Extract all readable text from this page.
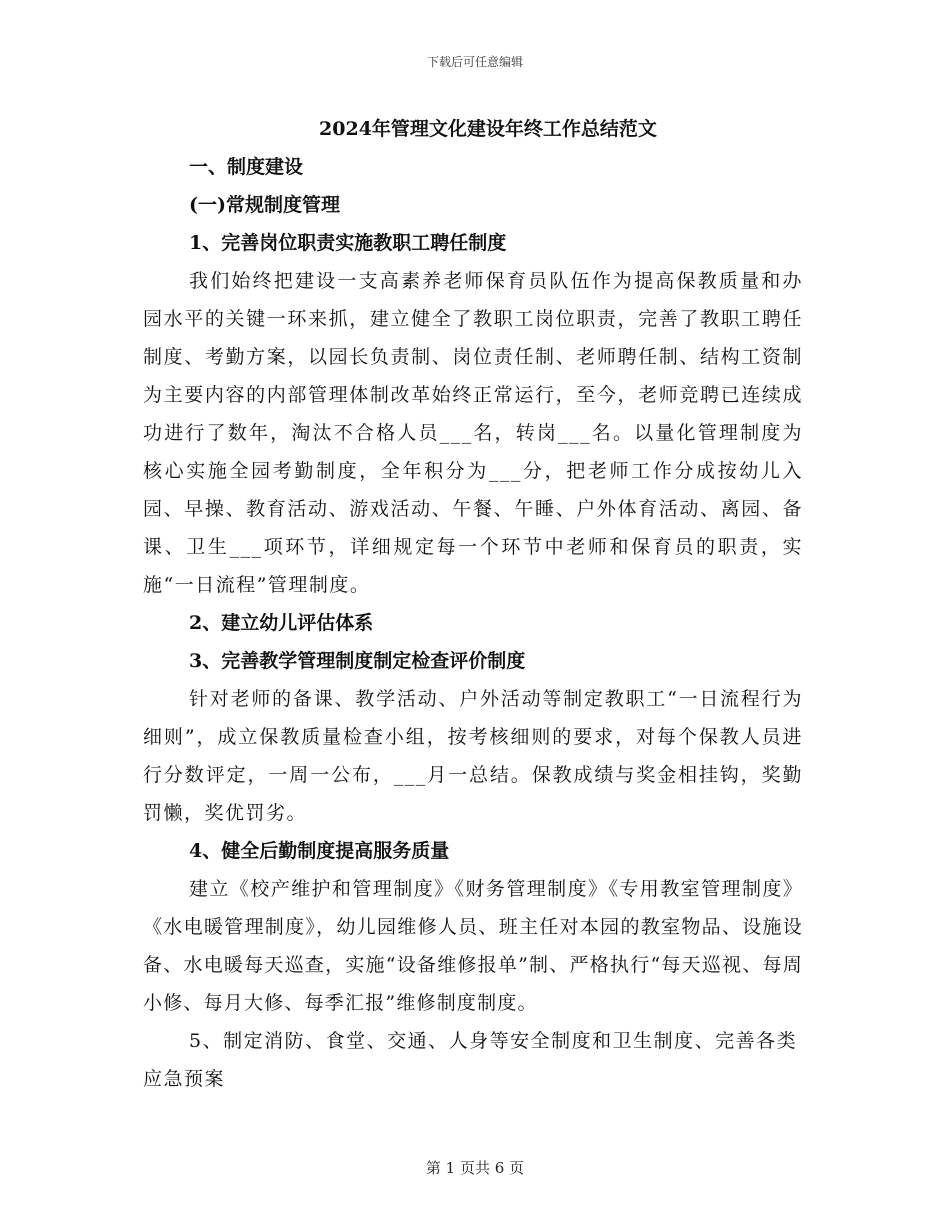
下载后可任意编辑
2024年管理文化建设年终工作总结范文
一、制度建设
(一)常规制度管理
1、完善岗位职责实施教职工聘任制度

我们始终把建设一支高素养老师保育员队伍作为提高保教质量和办园水平的关键一环来抓，建立健全了教职工岗位职责，完善了教职工聘任制度、考勤方案，以园长负责制、岗位责任制、老师聘任制、结构工资制为主要内容的内部管理体制改革始终正常运行，至今，老师竞聘已连续成功进行了数年，淘汰不合格人员___名，转岗___名。以量化管理制度为核心实施全园考勤制度，全年积分为___分，把老师工作分成按幼儿入园、早操、教育活动、游戏活动、午餐、午睡、户外体育活动、离园、备课、卫生___项环节，详细规定每一个环节中老师和保育员的职责，实施“一日流程”管理制度。

2、建立幼儿评估体系
3、完善教学管理制度制定检查评价制度

针对老师的备课、教学活动、户外活动等制定教职工“一日流程行为细则”，成立保教质量检查小组，按考核细则的要求，对每个保教人员进行分数评定，一周一公布，___月一总结。保教成绩与奖金相挂钩，奖勤罚懒，奖优罚劣。

4、健全后勤制度提高服务质量

建立《校产维护和管理制度》《财务管理制度》《专用教室管理制度》《水电暖管理制度》，幼儿园维修人员、班主任对本园的教室物品、设施设备、水电暖每天巡查，实施“设备维修报单”制、严格执行“每天巡视、每周小修、每月大修、每季汇报”维修制度制度。

5、制定消防、食堂、交通、人身等安全制度和卫生制度、完善各类应急预案

第 1 页共 6 页
